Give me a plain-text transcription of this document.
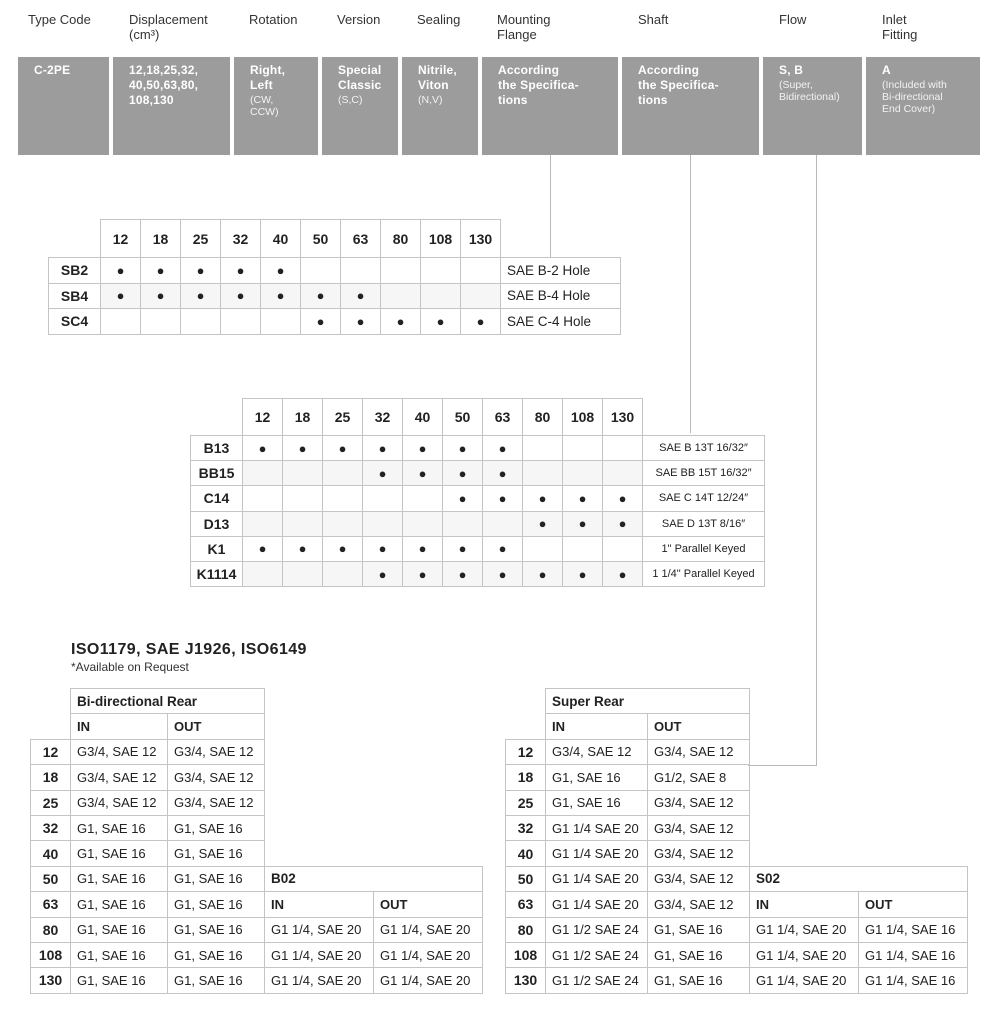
Type Code	Displacement
(cm³)
Rotation	Version	Sealing	Mounting
Flange
Shaft	Flow	Inlet
Fitting
C-2PE	12,18,25,32,
40,50,63,80,
108,130
Right,
Left
(CW,
CCW)
Special
Classic
(S,C)
Nitrile,
Viton
(N,V)
According
the Specifica-
tions
According
the Specifica-
tions
S, B
(Super,
Bidirectional)
A
(Included with
Bi-directional
End Cover)
	12	18	25	32	40	50	63	80	108	130	
SB2	●	●	●	●	●						SAE B-2 Hole
SB4	●	●	●	●	●	●	●				SAE B-4 Hole
SC4						●	●	●	●	●	SAE C-4 Hole
	12	18	25	32	40	50	63	80	108	130	
B13	●	●	●	●	●	●	●				SAE B 13T 16/32″
BB15				●	●	●	●				SAE BB 15T 16/32″
C14						●	●	●	●	●	SAE C 14T 12/24″
D13								●	●	●	SAE D 13T 8/16″
K1	●	●	●	●	●	●	●				1" Parallel Keyed
K1114				●	●	●	●	●	●	●	1 1/4" Parallel Keyed
ISO1179, SAE J1926, ISO6149
*Available on Request
	Bi-directional Rear			
	IN	OUT		
12	G3/4, SAE 12	G3/4, SAE 12		
18	G3/4, SAE 12	G3/4, SAE 12		
25	G3/4, SAE 12	G3/4, SAE 12		
32	G1, SAE 16	G1, SAE 16		
40	G1, SAE 16	G1, SAE 16		
50	G1, SAE 16	G1, SAE 16	B02	
63	G1, SAE 16	G1, SAE 16	IN	OUT
80	G1, SAE 16	G1, SAE 16	G1 1/4, SAE 20	G1 1/4, SAE 20
108	G1, SAE 16	G1, SAE 16	G1 1/4, SAE 20	G1 1/4, SAE 20
130	G1, SAE 16	G1, SAE 16	G1 1/4, SAE 20	G1 1/4, SAE 20
	Super Rear			
	IN	OUT		
12	G3/4, SAE 12	G3/4, SAE 12		
18	G1, SAE 16	G1/2, SAE 8		
25	G1, SAE 16	G3/4, SAE 12		
32	G1 1/4 SAE 20	G3/4, SAE 12		
40	G1 1/4 SAE 20	G3/4, SAE 12		
50	G1 1/4 SAE 20	G3/4, SAE 12	S02	
63	G1 1/4 SAE 20	G3/4, SAE 12	IN	OUT
80	G1 1/2 SAE 24	G1, SAE 16	G1 1/4, SAE 20	G1 1/4, SAE 16
108	G1 1/2 SAE 24	G1, SAE 16	G1 1/4, SAE 20	G1 1/4, SAE 16
130	G1 1/2 SAE 24	G1, SAE 16	G1 1/4, SAE 20	G1 1/4, SAE 16
